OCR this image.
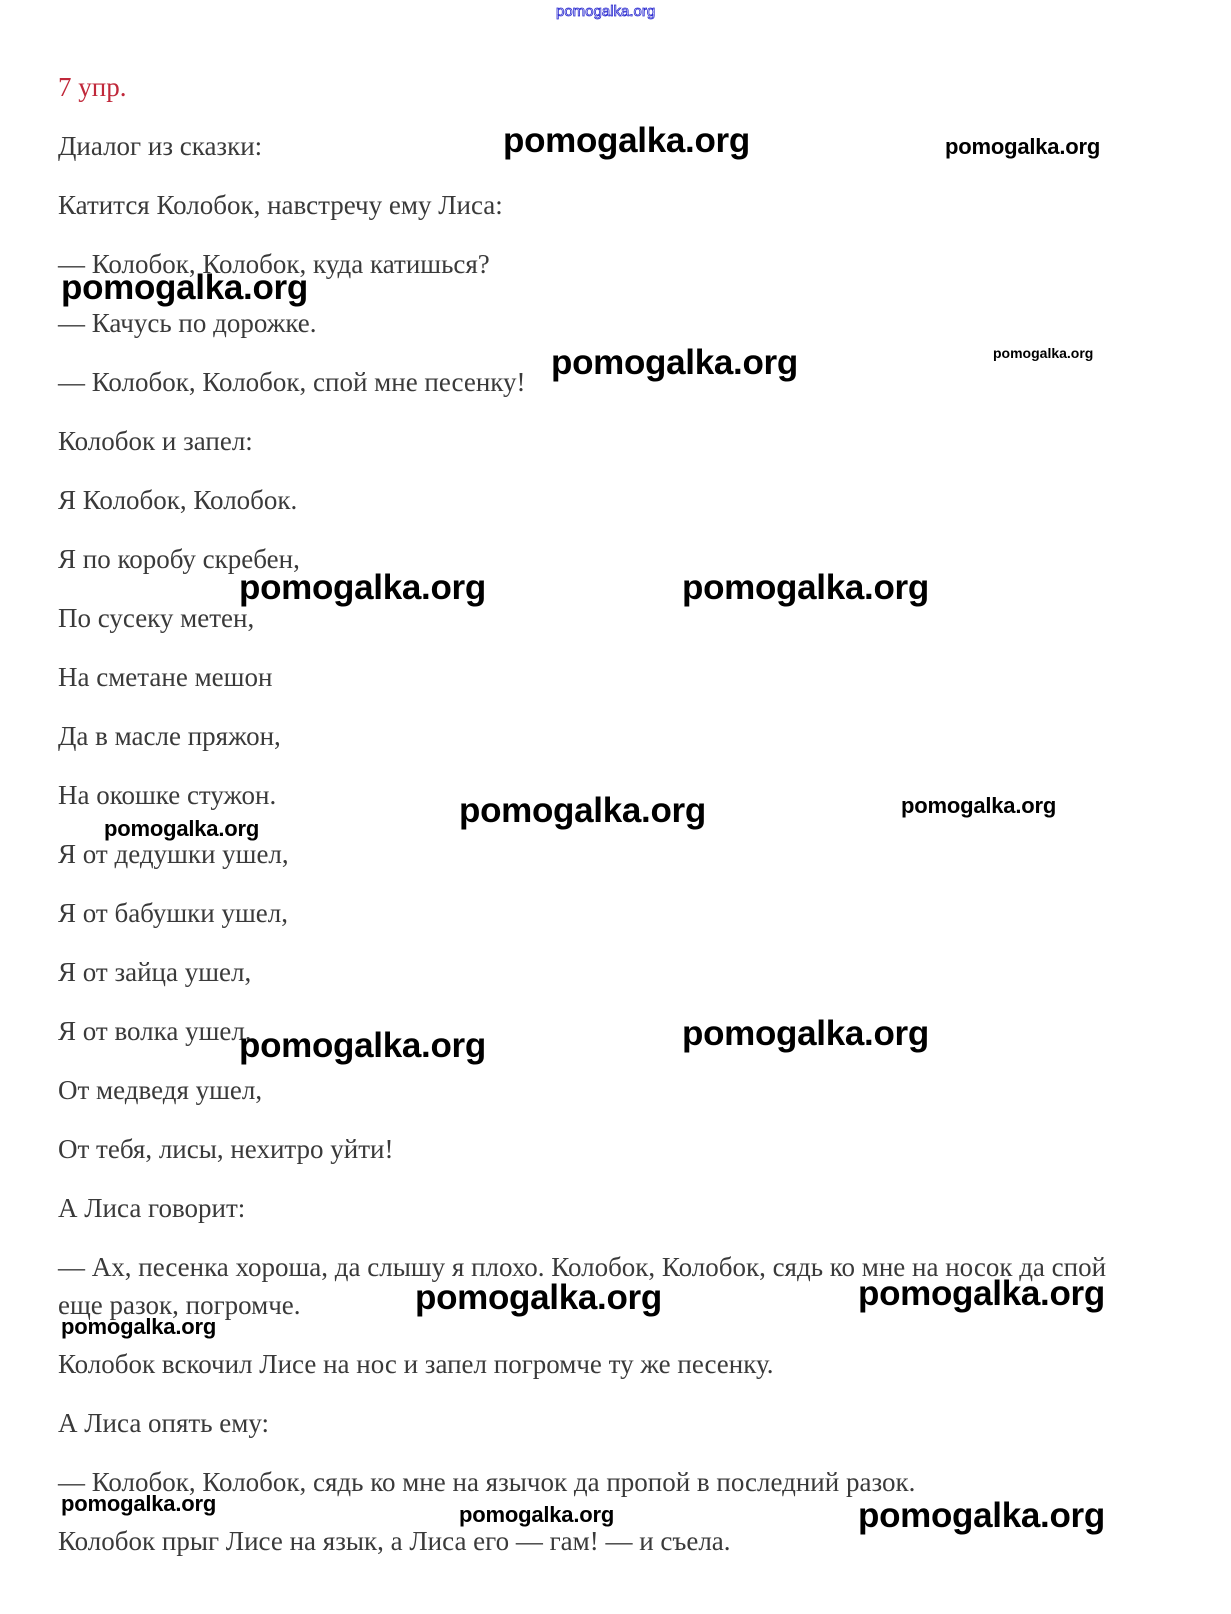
7 упр.

Диалог из сказки:

Катится Колобок, навстречу ему Лиса:

— Колобок, Колобок, куда катишься?

— Качусь по дорожке.

— Колобок, Колобок, спой мне песенку!

Колобок и запел:

Я Колобок, Колобок.

Я по коробу скребен,

По сусеку метен,

На сметане мешон

Да в масле пряжон,

На окошке стужон.

Я от дедушки ушел,

Я от бабушки ушел,

Я от зайца ушел,

Я от волка ушел,

От медведя ушел,

От тебя, лисы, нехитро уйти!

А Лиса говорит:

— Ах, песенка хороша, да слышу я плохо. Колобок, Колобок, сядь ко мне на носок да спой еще разок, погромче.

Колобок вскочил Лисе на нос и запел погромче ту же песенку.

А Лиса опять ему:

— Колобок, Колобок, сядь ко мне на язычок да пропой в последний разок.

Колобок прыг Лисе на язык, а Лиса его — гам! — и съела.

pomogalka.org
pomogalka.org
pomogalka.org
pomogalka.org
pomogalka.org	pomogalka.org
pomogalka.org
pomogalka.org	pomogalka.org
pomogalka.org	pomogalka.org
pomogalka.org
pomogalka.org
pomogalka.org
pomogalka.org
pomogalka.org
pomogalka.org	pomogalka.org
pomogalka.org
